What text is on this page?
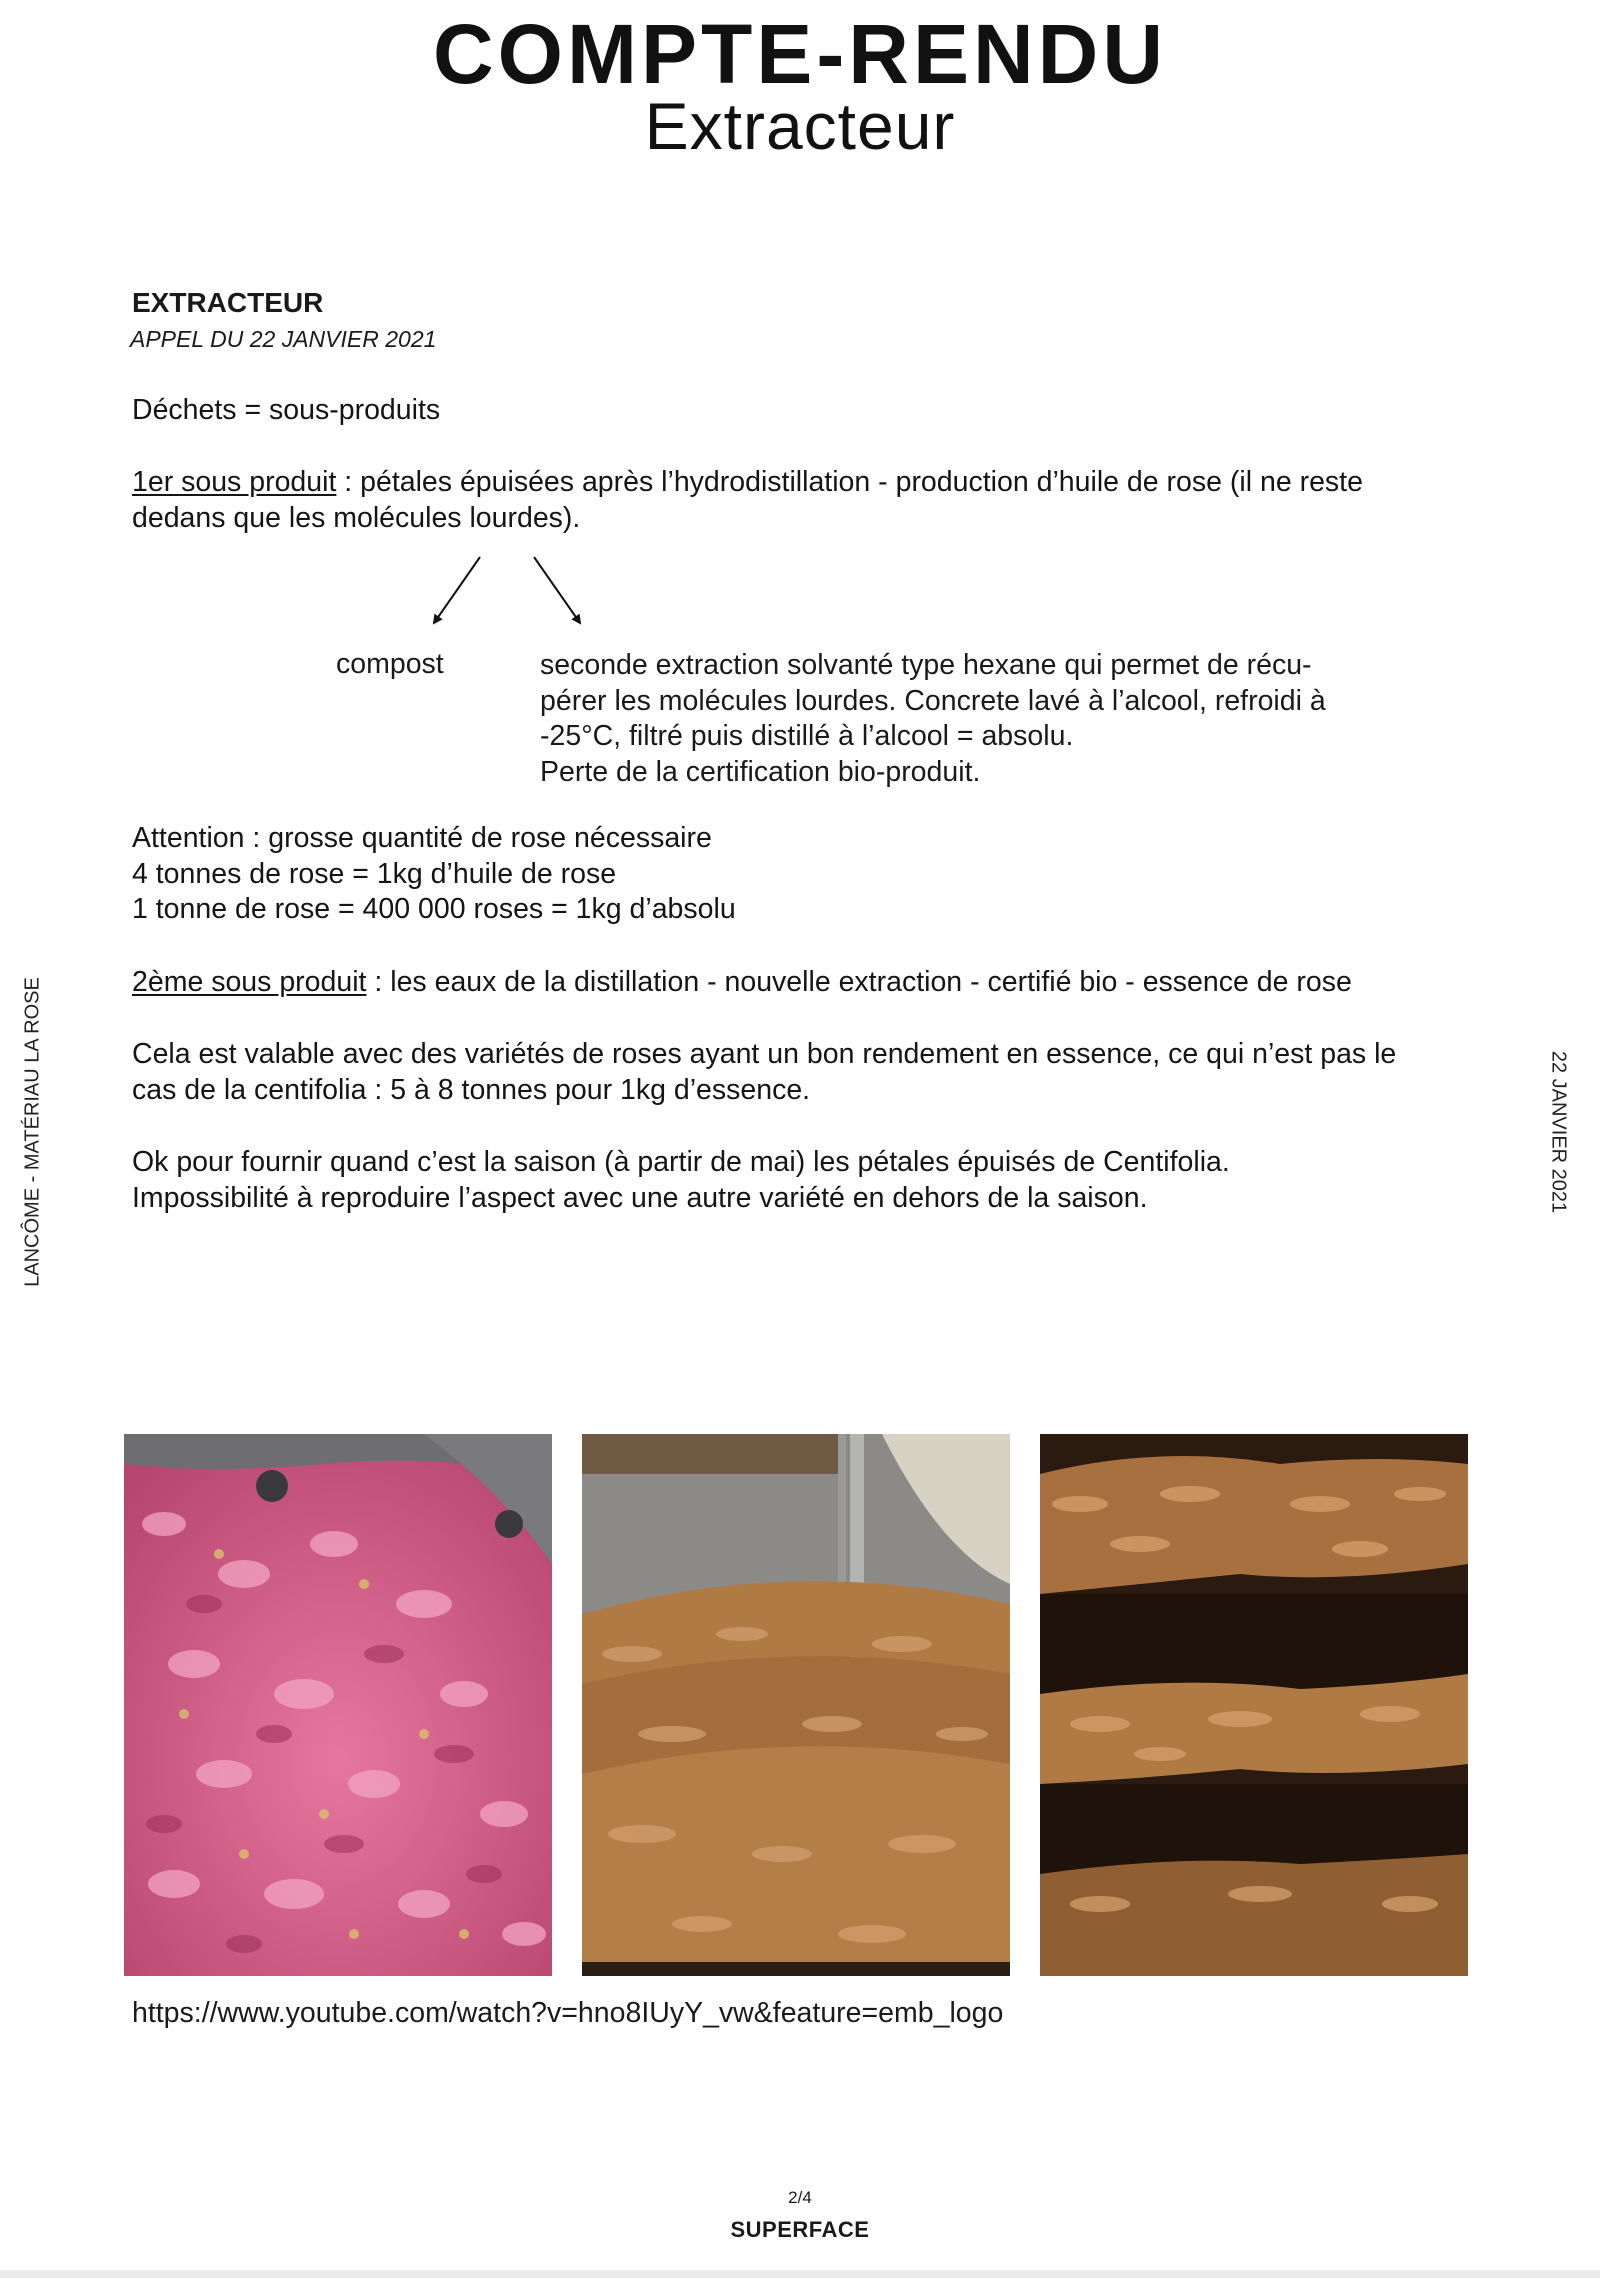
COMPTE-RENDU
Extracteur
LANCÔME - MATÉRIAU LA ROSE	22 JANVIER 2021
EXTRACTEUR
APPEL DU 22 JANVIER 2021

Déchets = sous-produits

1er sous produit : pétales épuisées après l’hydrodistillation - production d’huile de rose (il ne reste

dedans que les molécules lourdes).

compost	seconde extraction solvanté type hexane qui permet de récu-

pérer les molécules lourdes. Concrete lavé à l’alcool, refroidi à

-25°C, filtré puis distillé à l’alcool = absolu.

Perte de la certification bio-produit.

Attention : grosse quantité de rose nécessaire

4 tonnes de rose = 1kg d’huile de rose

1 tonne de rose = 400 000 roses = 1kg d’absolu

2ème sous produit : les eaux de la distillation - nouvelle extraction - certifié bio - essence de rose

Cela est valable avec des variétés de roses ayant un bon rendement en essence, ce qui n’est pas le

cas de la centifolia : 5 à 8 tonnes pour 1kg d’essence.

Ok pour fournir quand c’est la saison (à partir de mai) les pétales épuisés de Centifolia.

Impossibilité à reproduire l’aspect avec une autre variété en dehors de la saison.

https://www.youtube.com/watch?v=hno8IUyY_vw&feature=emb_logo
2/4
SUPERFACE
